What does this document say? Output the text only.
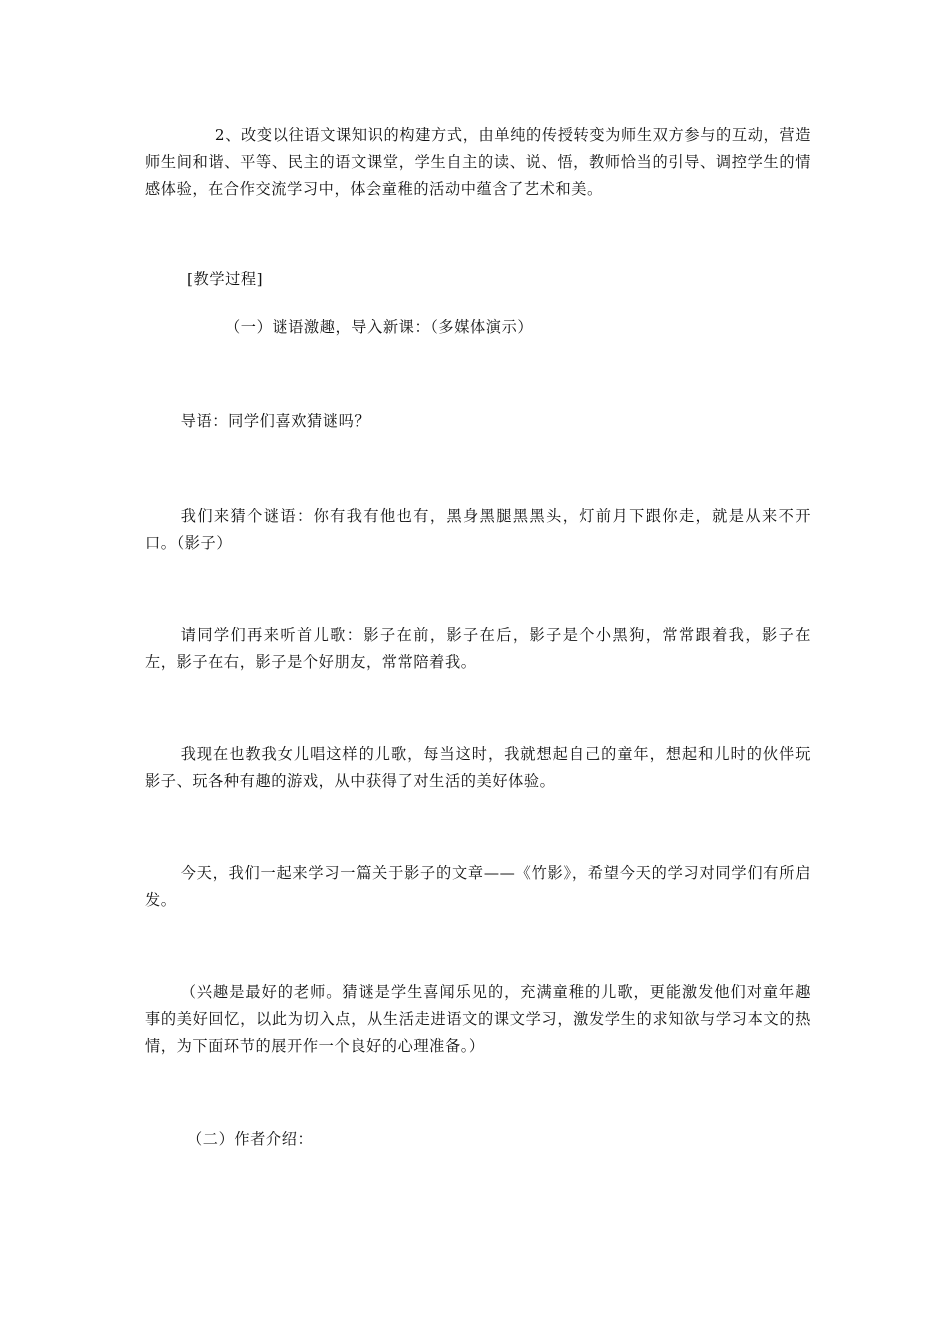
2、改变以往语文课知识的构建方式，由单纯的传授转变为师生双方参与的互动，营造师生间和谐、平等、民主的语文课堂，学生自主的读、说、悟，教师恰当的引导、调控学生的情感体验，在合作交流学习中，体会童稚的活动中蕴含了艺术和美。

[教学过程]

（一）谜语激趣，导入新课：（多媒体演示）

导语：同学们喜欢猜谜吗？

我们来猜个谜语：你有我有他也有，黑身黑腿黑黑头，灯前月下跟你走，就是从来不开口。（影子）

请同学们再来听首儿歌：影子在前，影子在后，影子是个小黑狗，常常跟着我，影子在左，影子在右，影子是个好朋友，常常陪着我。

我现在也教我女儿唱这样的儿歌，每当这时，我就想起自己的童年，想起和儿时的伙伴玩影子、玩各种有趣的游戏，从中获得了对生活的美好体验。

今天，我们一起来学习一篇关于影子的文章——《竹影》，希望今天的学习对同学们有所启发。

（兴趣是最好的老师。猜谜是学生喜闻乐见的，充满童稚的儿歌，更能激发他们对童年趣事的美好回忆，以此为切入点，从生活走进语文的课文学习，激发学生的求知欲与学习本文的热情，为下面环节的展开作一个良好的心理准备。）

（二）作者介绍：
